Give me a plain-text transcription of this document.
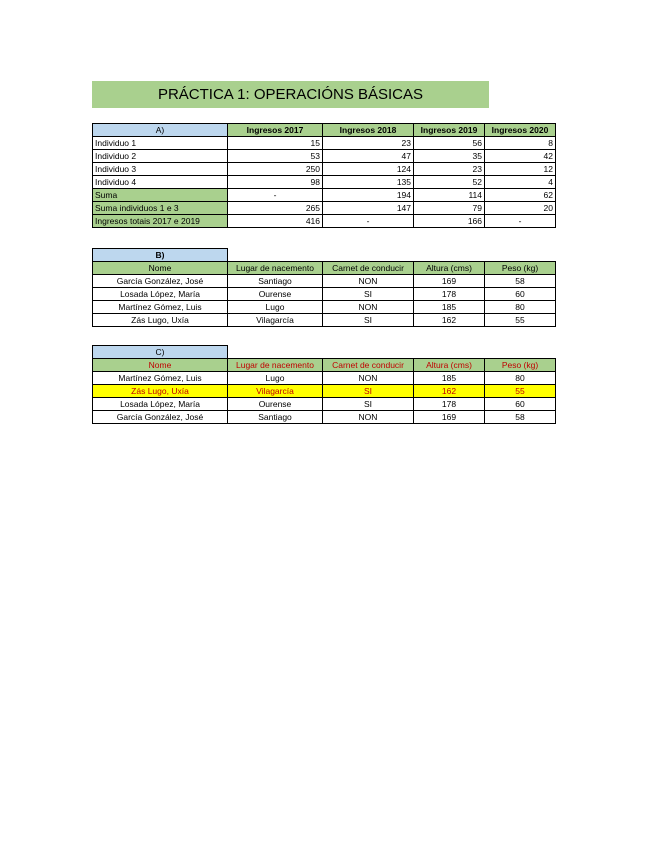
PRÁCTICA 1: OPERACIÓNS BÁSICAS
A)	Ingresos 2017	Ingresos 2018	Ingresos 2019	Ingresos 2020
Individuo 1	15	23	56	8
Individuo 2	53	47	35	42
Individuo 3	250	124	23	12
Individuo 4	98	135	52	4
Suma	-	194	114	62
Suma individuos 1 e 3	265	147	79	20
Ingresos totais 2017 e 2019	416	-	166	-
B)				
Nome	Lugar de nacemento	Carnet de conducir	Altura (cms)	Peso (kg)
García González, José	Santiago	NON	169	58
Losada López, María	Ourense	SI	178	60
Martínez Gómez, Luis	Lugo	NON	185	80
Zás Lugo, Uxía	Vilagarcía	SI	162	55
C)				
Nome	Lugar de nacemento	Carnet de conducir	Altura (cms)	Peso (kg)
Martínez Gómez, Luis	Lugo	NON	185	80
Zás Lugo, Uxía	Vilagarcía	SI	162	55
Losada López, María	Ourense	SI	178	60
García González, José	Santiago	NON	169	58
